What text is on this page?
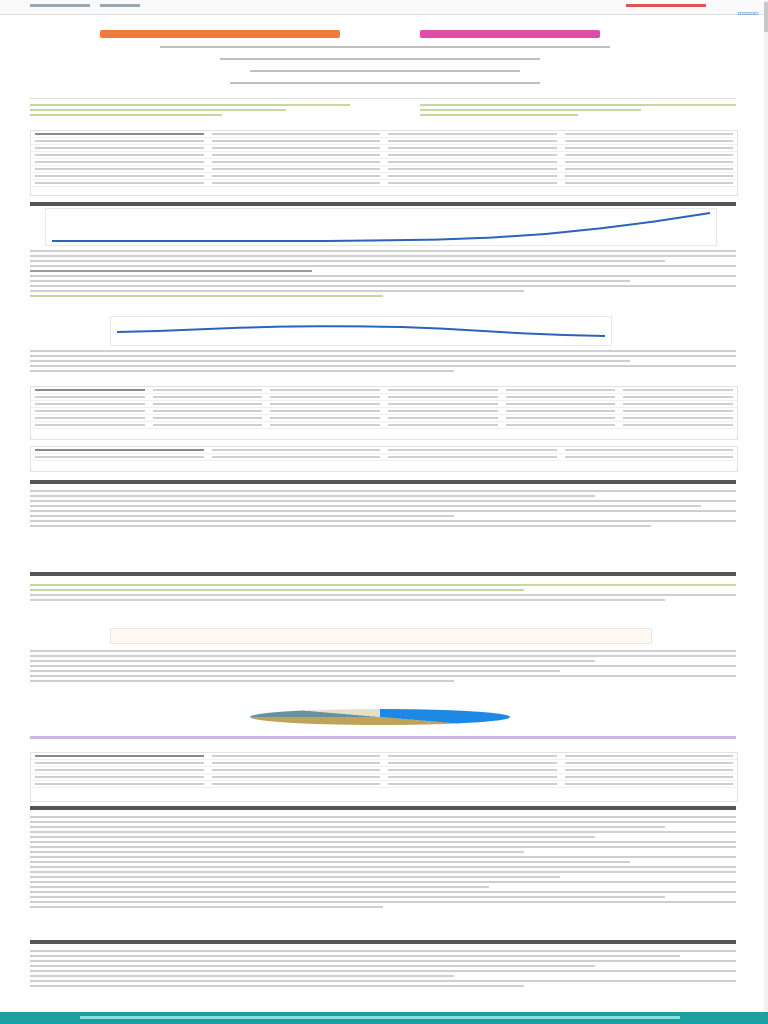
▫▫▫▫▫
